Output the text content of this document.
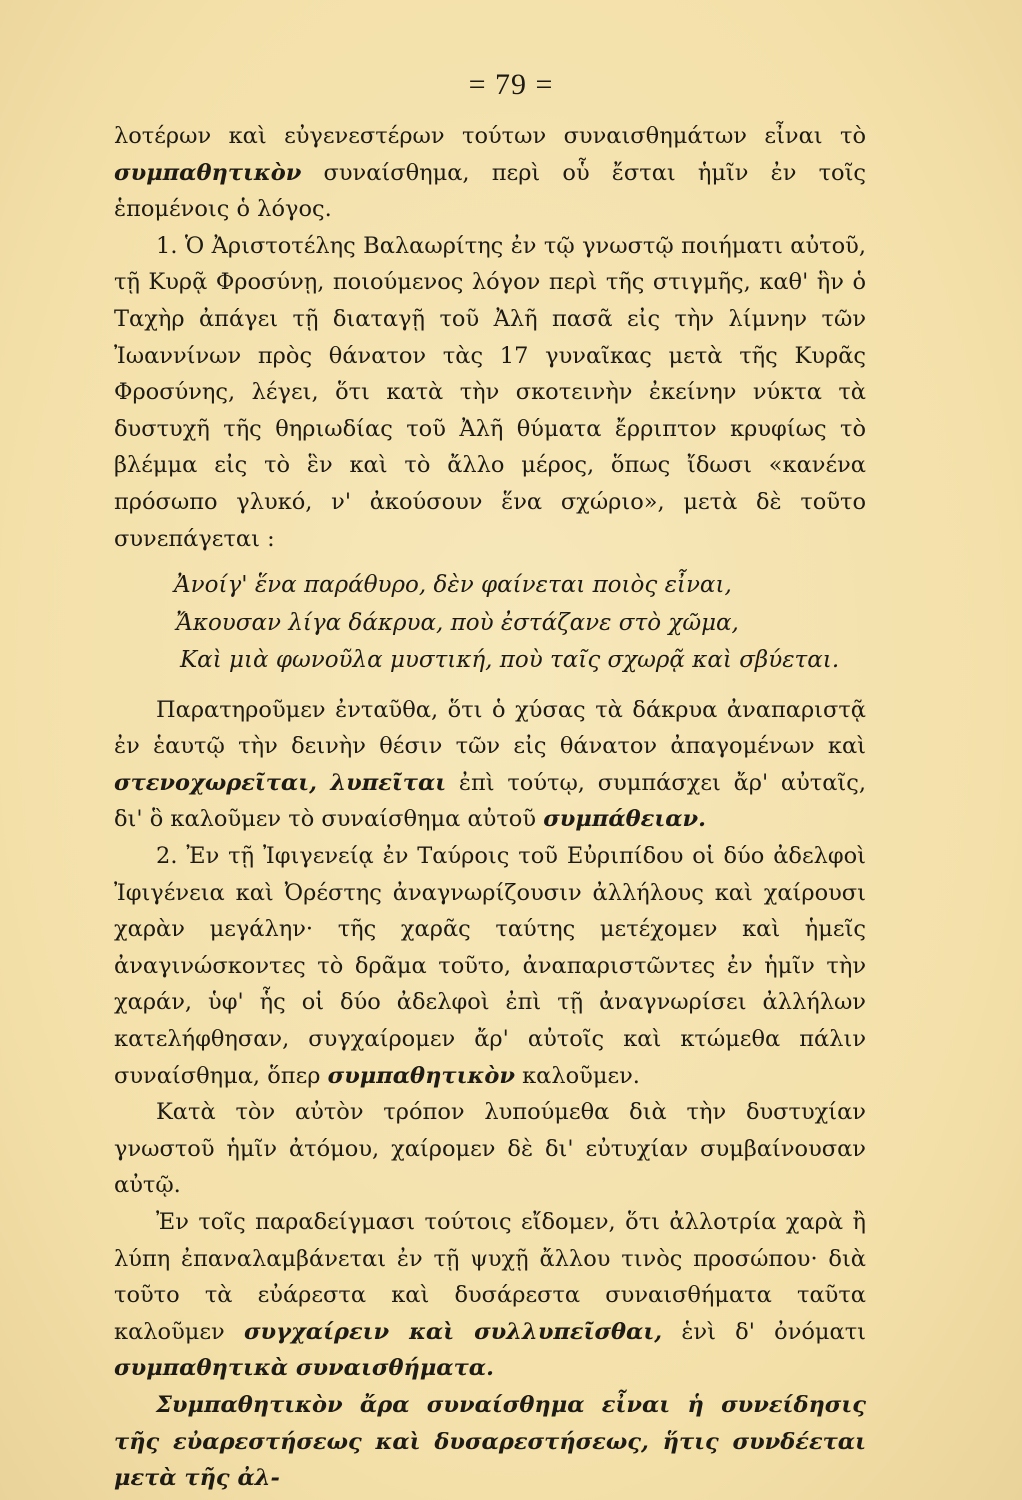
= 79 =

λοτέρων καὶ εὐγενεστέρων τούτων συναισθημάτων εἶναι τὸ συμπαθητικὸν συναίσθημα, περὶ οὗ ἔσται ἡμῖν ἐν τοῖς ἑπομένοις ὁ λόγος.

1. Ὁ Ἀριστοτέλης Βαλαωρίτης ἐν τῷ γνωστῷ ποιήματι αὐτοῦ, τῇ Κυρᾷ Φροσύνῃ, ποιούμενος λόγον περὶ τῆς στιγμῆς, καθ' ἣν ὁ Ταχὴρ ἀπάγει τῇ διαταγῇ τοῦ Ἀλῆ πασᾶ εἰς τὴν λίμνην τῶν Ἰωαννίνων πρὸς θάνατον τὰς 17 γυναῖκας μετὰ τῆς Κυρᾶς Φροσύνης, λέγει, ὅτι κατὰ τὴν σκοτεινὴν ἐκείνην νύκτα τὰ δυστυχῆ τῆς θηριωδίας τοῦ Ἀλῆ θύματα ἔρριπτον κρυφίως τὸ βλέμμα εἰς τὸ ἓν καὶ τὸ ἄλλο μέρος, ὅπως ἴδωσι «κανένα πρόσωπο γλυκό, ν' ἀκούσουν ἕνα σχώριο», μετὰ δὲ τοῦτο συνεπάγεται :

Ἀνοίγ' ἕνα παράθυρο, δὲν φαίνεται ποιὸς εἶναι,
Ἄκουσαν λίγα δάκρυα, ποὺ ἐστάζανε στὸ χῶμα,
Καὶ μιὰ φωνοῦλα μυστική, ποὺ ταῖς σχωρᾷ καὶ σβύεται.

Παρατηροῦμεν ἐνταῦθα, ὅτι ὁ χύσας τὰ δάκρυα ἀναπαριστᾷ ἐν ἑαυτῷ τὴν δεινὴν θέσιν τῶν εἰς θάνατον ἀπαγομένων καὶ στενοχωρεῖται, λυπεῖται ἐπὶ τούτῳ, συμπάσχει ἄρ' αὐταῖς, δι' ὃ καλοῦμεν τὸ συναίσθημα αὐτοῦ συμπάθειαν.

2. Ἐν τῇ Ἰφιγενείᾳ ἐν Ταύροις τοῦ Εὐριπίδου οἱ δύο ἀδελφοὶ Ἰφιγένεια καὶ Ὀρέστης ἀναγνωρίζουσιν ἀλλήλους καὶ χαίρουσι χαρὰν μεγάλην· τῆς χαρᾶς ταύτης μετέχομεν καὶ ἡμεῖς ἀναγινώσκοντες τὸ δρᾶμα τοῦτο, ἀναπαριστῶντες ἐν ἡμῖν τὴν χαράν, ὑφ' ἧς οἱ δύο ἀδελφοὶ ἐπὶ τῇ ἀναγνωρίσει ἀλλήλων κατελήφθησαν, συγχαίρομεν ἄρ' αὐτοῖς καὶ κτώμεθα πάλιν συναίσθημα, ὅπερ συμπαθητικὸν καλοῦμεν.

Κατὰ τὸν αὐτὸν τρόπον λυπούμεθα διὰ τὴν δυστυχίαν γνωστοῦ ἡμῖν ἀτόμου, χαίρομεν δὲ δι' εὐτυχίαν συμβαίνουσαν αὐτῷ.

Ἐν τοῖς παραδείγμασι τούτοις εἴδομεν, ὅτι ἀλλοτρία χαρὰ ἢ λύπη ἐπαναλαμβάνεται ἐν τῇ ψυχῇ ἄλλου τινὸς προσώπου· διὰ τοῦτο τὰ εὐάρεστα καὶ δυσάρεστα συναισθήματα ταῦτα καλοῦμεν συγχαίρειν καὶ συλλυπεῖσθαι, ἑνὶ δ' ὀνόματι συμπαθητικὰ συναισθήματα.

Συμπαθητικὸν ἄρα συναίσθημα εἶναι ἡ συνείδησις τῆς εὐαρεστήσεως καὶ δυσαρεστήσεως, ἥτις συνδέεται μετὰ τῆς ἀλ-
